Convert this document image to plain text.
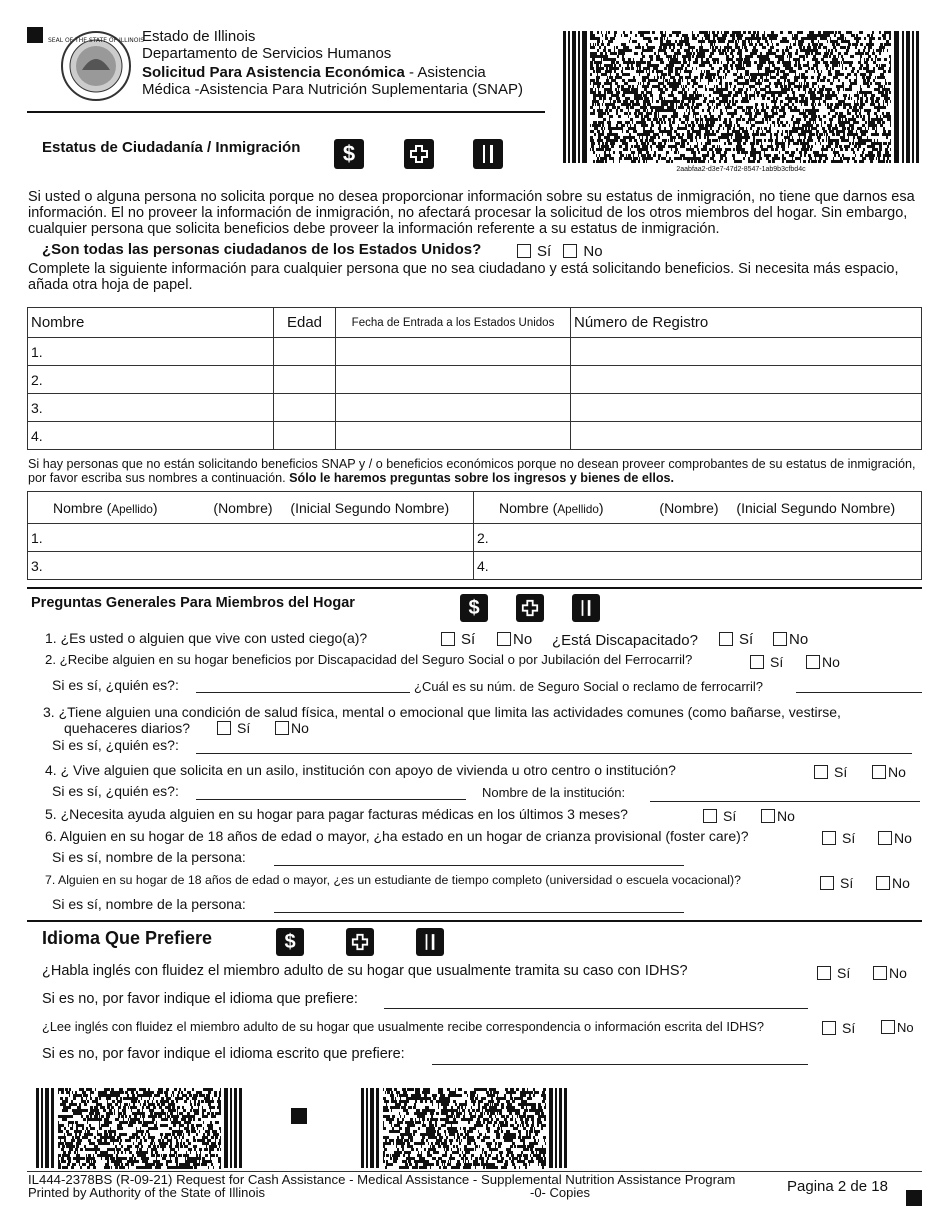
SEAL OF THE STATE OF ILLINOIS
Estado de Illinois
Departamento de Servicios Humanos
Solicitud Para Asistencia Económica - Asistencia
Médica -Asistencia Para Nutrición Suplementaria (SNAP)
2aabfaa2-d3e7-47d2-8547-1ab9b3cfbd4c
Estatus de Ciudadanía / Inmigración $
Si usted o alguna persona no solicita porque no desea proporcionar información sobre su estatus de inmigración, no tiene que darnos esa información. El no proveer la información de inmigración, no afectará procesar la solicitud de los otros miembros del hogar. Sin embargo, cualquier persona que solicita beneficios debe proveer la información referente a su estatus de inmigración.
¿Son todas las personas ciudadanos de los Estados Unidos?	Sí No
Complete la siguiente información para cualquier persona que no sea ciudadano y está solicitando beneficios. Si necesita más espacio, añada otra hoja de papel.
Nombre	Edad	Fecha de Entrada a los Estados Unidos	Número de Registro
1.			
2.			
3.			
4.			
Si hay personas que no están solicitando beneficios SNAP y / o beneficios económicos porque no desean proveer comprobantes de su estatus de inmigración, por favor escriba sus nombres a continuación. Sólo le haremos preguntas sobre los ingresos y bienes de ellos.
Nombre (Apellido) (Nombre) (Inicial Segundo Nombre)	Nombre (Apellido) (Nombre) (Inicial Segundo Nombre)
1.	2.
3.	4.
Preguntas Generales Para Miembros del Hogar	$
1. ¿Es usted o alguien que vive con usted ciego(a)?	Sí	No ¿Está Discapacitado?	Sí	No
2. ¿Recibe alguien en su hogar beneficios por Discapacidad del Seguro Social o por Jubilación del Ferrocarril?	Sí	No
Si es sí, ¿quién es?:	¿Cuál es su núm. de Seguro Social o reclamo de ferrocarril?
3. ¿Tiene alguien una condición de salud física, mental o emocional que limita las actividades comunes (como bañarse, vestirse,
quehaceres diarios?	Sí	No
Si es sí, ¿quién es?:
4. ¿ Vive alguien que solicita en un asilo, institución con apoyo de vivienda u otro centro o institución?	Sí	No
Si es sí, ¿quién es?:	Nombre de la institución:
5. ¿Necesita ayuda alguien en su hogar para pagar facturas médicas en los últimos 3 meses?	Sí	No
6. Alguien en su hogar de 18 años de edad o mayor, ¿ha estado en un hogar de crianza provisional (foster care)?	Sí	No
Si es sí, nombre de la persona:
7. Alguien en su hogar de 18 años de edad o mayor, ¿es un estudiante de tiempo completo (universidad o escuela vocacional)?	Sí	No
Si es sí, nombre de la persona:
Idioma Que Prefiere	$
¿Habla inglés con fluidez el miembro adulto de su hogar que usualmente tramita su caso con IDHS?	Sí	No
Si es no, por favor indique el idioma que prefiere:
¿Lee inglés con fluidez el miembro adulto de su hogar que usualmente recibe correspondencia o información escrita del IDHS?	Sí	No
Si es no, por favor indique el idioma escrito que prefiere:
IL444-2378BS (R-09-21) Request for Cash Assistance - Medical Assistance - Supplemental Nutrition Assistance Program
Printed by Authority of the State of Illinois	-0- Copies	Pagina 2 de 18
